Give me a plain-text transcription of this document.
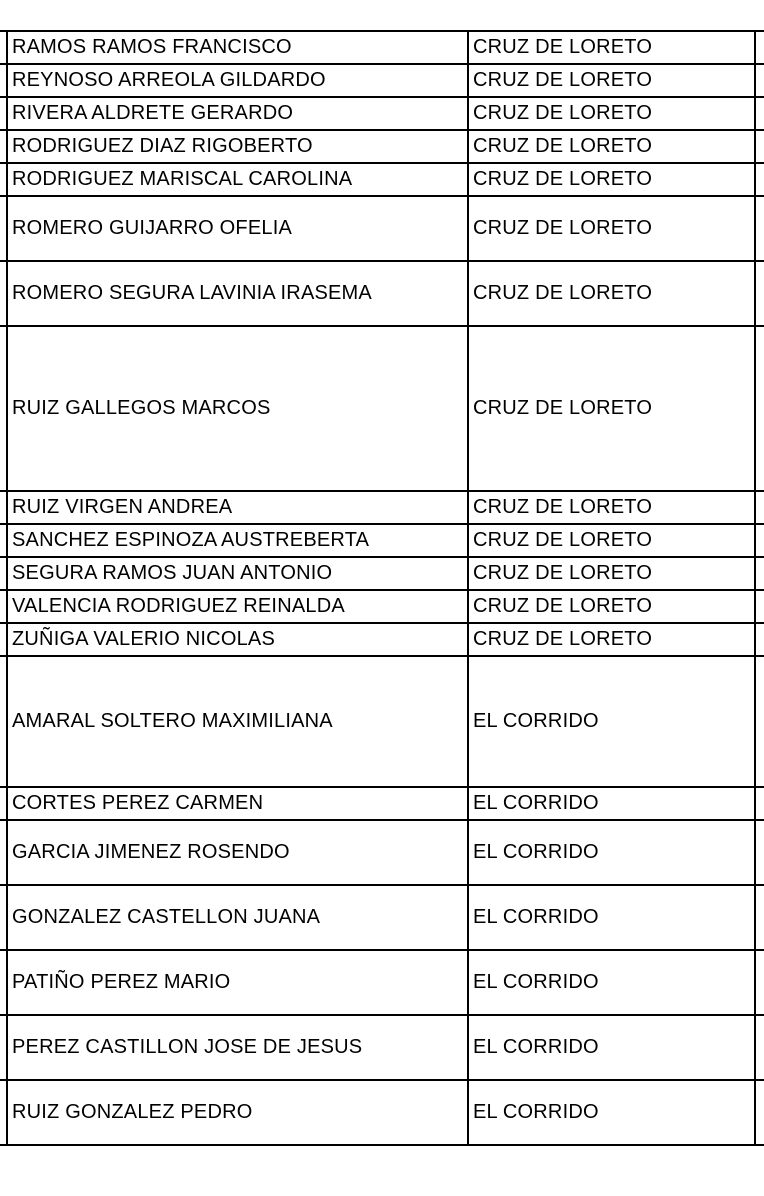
	RAMOS RAMOS FRANCISCO	CRUZ DE LORETO	
	REYNOSO ARREOLA GILDARDO	CRUZ DE LORETO	
	RIVERA ALDRETE GERARDO	CRUZ DE LORETO	
	RODRIGUEZ DIAZ RIGOBERTO	CRUZ DE LORETO	
	RODRIGUEZ MARISCAL CAROLINA	CRUZ DE LORETO	

	ROMERO GUIJARRO OFELIA	CRUZ DE LORETO	

	ROMERO SEGURA LAVINIA IRASEMA	CRUZ DE LORETO	
	RUIZ GALLEGOS MARCOS	CRUZ DE LORETO	
	RUIZ VIRGEN ANDREA	CRUZ DE LORETO	
	SANCHEZ ESPINOZA AUSTREBERTA	CRUZ DE LORETO	
	SEGURA RAMOS JUAN ANTONIO	CRUZ DE LORETO	
	VALENCIA RODRIGUEZ REINALDA	CRUZ DE LORETO	
	ZUÑIGA VALERIO NICOLAS	CRUZ DE LORETO	
	AMARAL SOLTERO MAXIMILIANA	EL CORRIDO	
	CORTES PEREZ CARMEN	EL CORRIDO	

	GARCIA JIMENEZ ROSENDO	EL CORRIDO	

	GONZALEZ CASTELLON JUANA	EL CORRIDO	

	PATIÑO PEREZ MARIO	EL CORRIDO	

	PEREZ CASTILLON JOSE DE JESUS	EL CORRIDO	

	RUIZ GONZALEZ PEDRO	EL CORRIDO	
